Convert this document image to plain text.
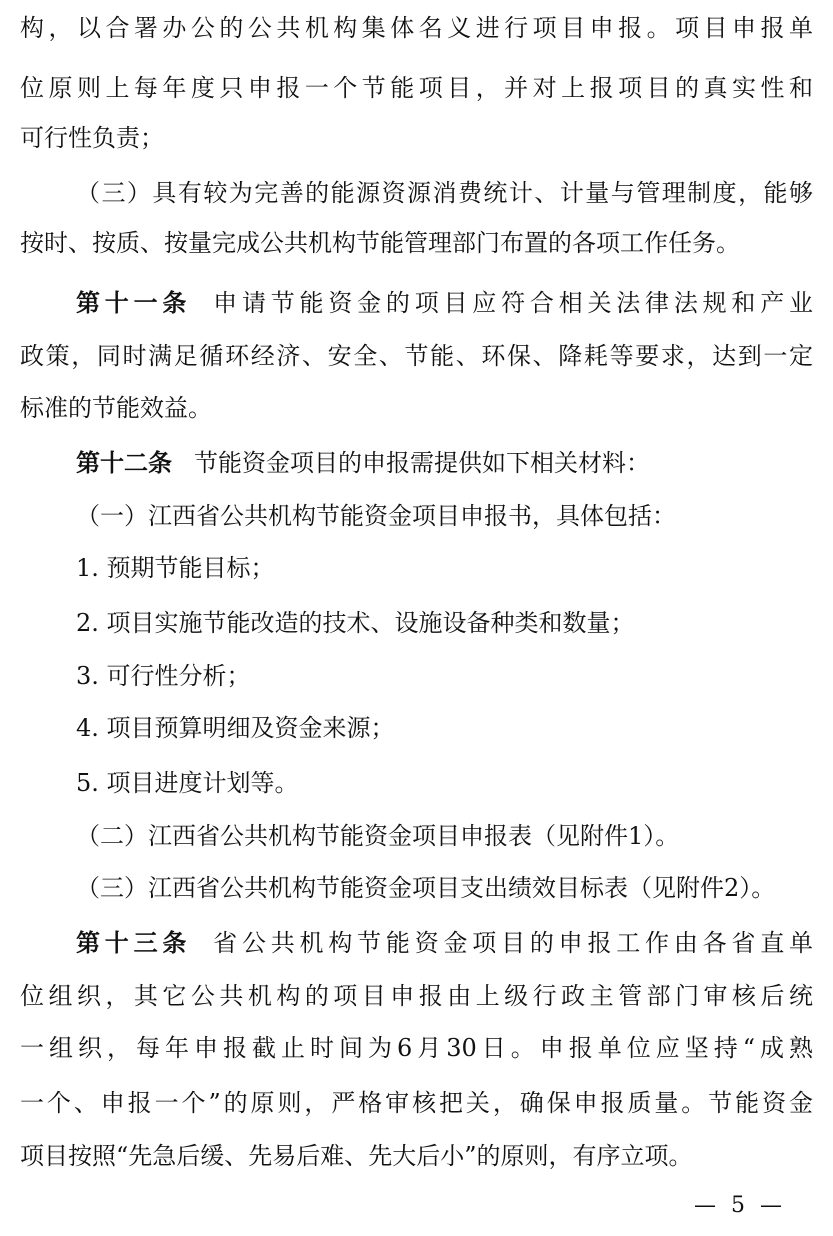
构，以合署办公的公共机构集体名义进行项目申报。项目申报单
位原则上每年度只申报一个节能项目，并对上报项目的真实性和
可行性负责；
（三）具有较为完善的能源资源消费统计、计量与管理制度，能够
按时、按质、按量完成公共机构节能管理部门布置的各项工作任务。
第十一条 申请节能资金的项目应符合相关法律法规和产业
政策，同时满足循环经济、安全、节能、环保、降耗等要求，达到一定
标准的节能效益。
第十二条 节能资金项目的申报需提供如下相关材料：
（一）江西省公共机构节能资金项目申报书，具体包括：
1. 预期节能目标；
2. 项目实施节能改造的技术、设施设备种类和数量；
3. 可行性分析；
4. 项目预算明细及资金来源；
5. 项目进度计划等。
（二）江西省公共机构节能资金项目申报表（见附件1）。
（三）江西省公共机构节能资金项目支出绩效目标表（见附件2）。
第十三条 省公共机构节能资金项目的申报工作由各省直单
位组织，其它公共机构的项目申报由上级行政主管部门审核后统
一组织，每年申报截止时间为6月30日。申报单位应坚持“成熟
一个、申报一个”的原则，严格审核把关，确保申报质量。节能资金
项目按照“先急后缓、先易后难、先大后小”的原则，有序立项。
— 5 —
